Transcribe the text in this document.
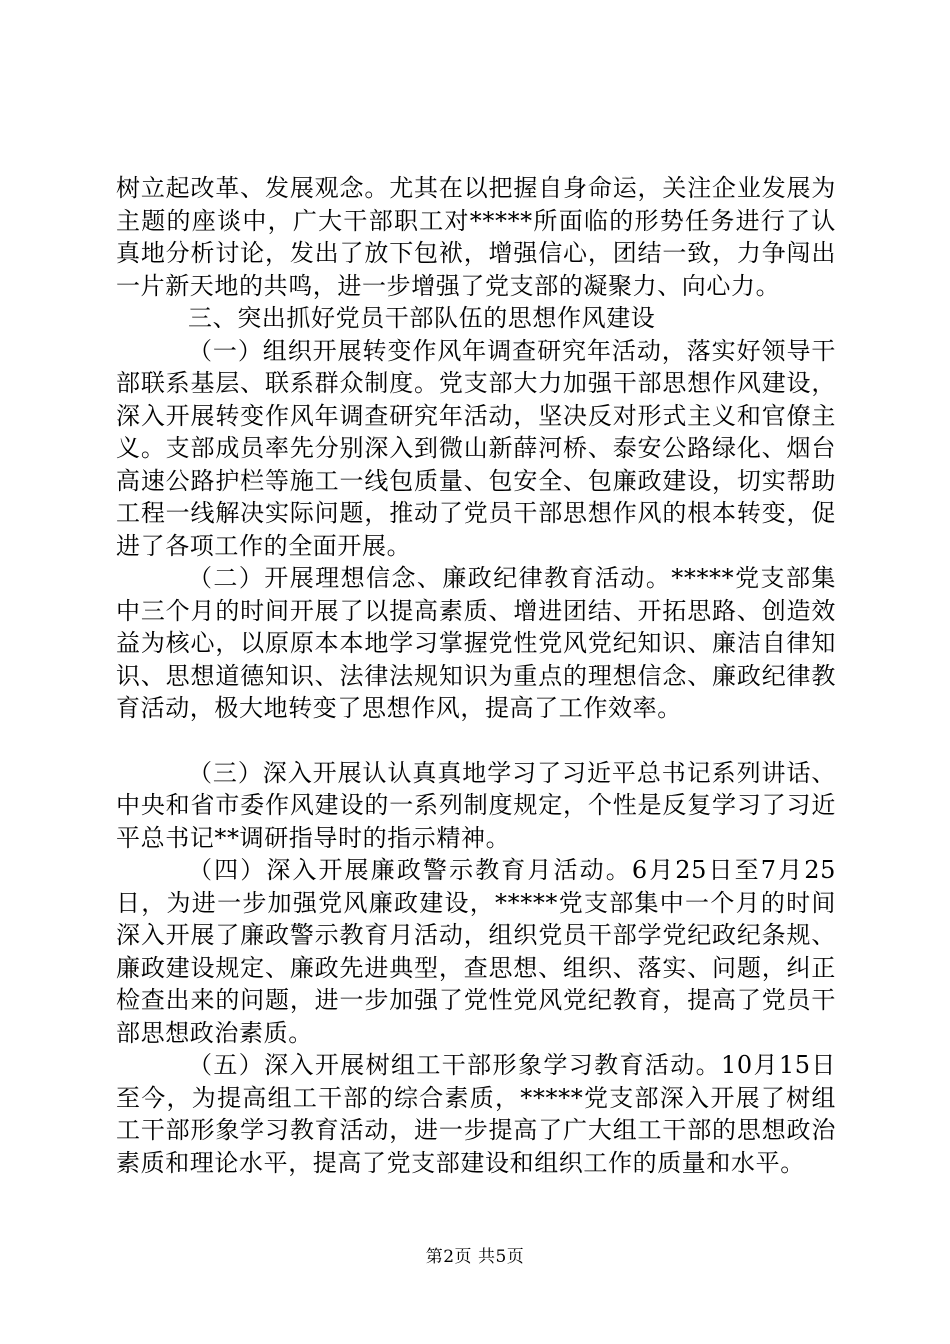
树立起改革、发展观念。尤其在以把握自身命运，关注企业发展为主题的座谈中，广大干部职工对*****所面临的形势任务进行了认真地分析讨论，发出了放下包袱，增强信心，团结一致，力争闯出一片新天地的共鸣，进一步增强了党支部的凝聚力、向心力。

三、突出抓好党员干部队伍的思想作风建设

（一）组织开展转变作风年调查研究年活动，落实好领导干部联系基层、联系群众制度。党支部大力加强干部思想作风建设，深入开展转变作风年调查研究年活动，坚决反对形式主义和官僚主义。支部成员率先分别深入到微山新薛河桥、泰安公路绿化、烟台高速公路护栏等施工一线包质量、包安全、包廉政建设，切实帮助工程一线解决实际问题，推动了党员干部思想作风的根本转变，促进了各项工作的全面开展。

（二）开展理想信念、廉政纪律教育活动。*****党支部集中三个月的时间开展了以提高素质、增进团结、开拓思路、创造效益为核心，以原原本本地学习掌握党性党风党纪知识、廉洁自律知识、思想道德知识、法律法规知识为重点的理想信念、廉政纪律教育活动，极大地转变了思想作风，提高了工作效率。

（三）深入开展认认真真地学习了习近平总书记系列讲话、中央和省市委作风建设的一系列制度规定，个性是反复学习了习近平总书记**调研指导时的指示精神。

（四）深入开展廉政警示教育月活动。6月25日至7月25日，为进一步加强党风廉政建设，*****党支部集中一个月的时间深入开展了廉政警示教育月活动，组织党员干部学党纪政纪条规、廉政建设规定、廉政先进典型，查思想、组织、落实、问题，纠正检查出来的问题，进一步加强了党性党风党纪教育，提高了党员干部思想政治素质。

（五）深入开展树组工干部形象学习教育活动。10月15日至今，为提高组工干部的综合素质，*****党支部深入开展了树组工干部形象学习教育活动，进一步提高了广大组工干部的思想政治素质和理论水平，提高了党支部建设和组织工作的质量和水平。

第2页 共5页
